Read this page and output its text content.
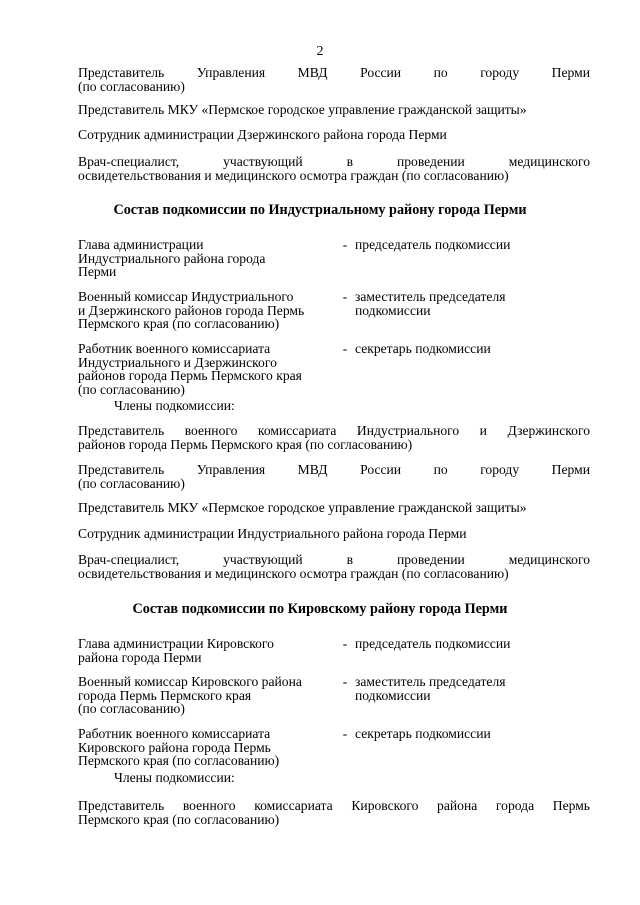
2
Представитель Управления МВД России по городу Перми
(по согласованию)
Представитель МКУ «Пермское городское управление гражданской защиты»
Сотрудник администрации Дзержинского района города Перми
Врач-специалист, участвующий в проведении медицинского
освидетельствования и медицинского осмотра граждан (по согласованию)
Состав подкомиссии по Индустриальному району города Перми
Глава администрации
Индустриального района города
Перми
- председатель подкомиссии
Военный комиссар Индустриального
и Дзержинского районов города Пермь
Пермского края (по согласованию)
- заместитель председателя
подкомиссии
Работник военного комиссариата
Индустриального и Дзержинского
районов города Пермь Пермского края
(по согласованию)
- секретарь подкомиссии
Члены подкомиссии:
Представитель военного комиссариата Индустриального и Дзержинского
районов города Пермь Пермского края (по согласованию)
Представитель Управления МВД России по городу Перми
(по согласованию)
Представитель МКУ «Пермское городское управление гражданской защиты»
Сотрудник администрации Индустриального района города Перми
Врач-специалист, участвующий в проведении медицинского
освидетельствования и медицинского осмотра граждан (по согласованию)
Состав подкомиссии по Кировскому району города Перми
Глава администрации Кировского
района города Перми
- председатель подкомиссии
Военный комиссар Кировского района
города Пермь Пермского края
(по согласованию)
- заместитель председателя
подкомиссии
Работник военного комиссариата
Кировского района города Пермь
Пермского края (по согласованию)
- секретарь подкомиссии
Члены подкомиссии:
Представитель военного комиссариата Кировского района города Пермь
Пермского края (по согласованию)
